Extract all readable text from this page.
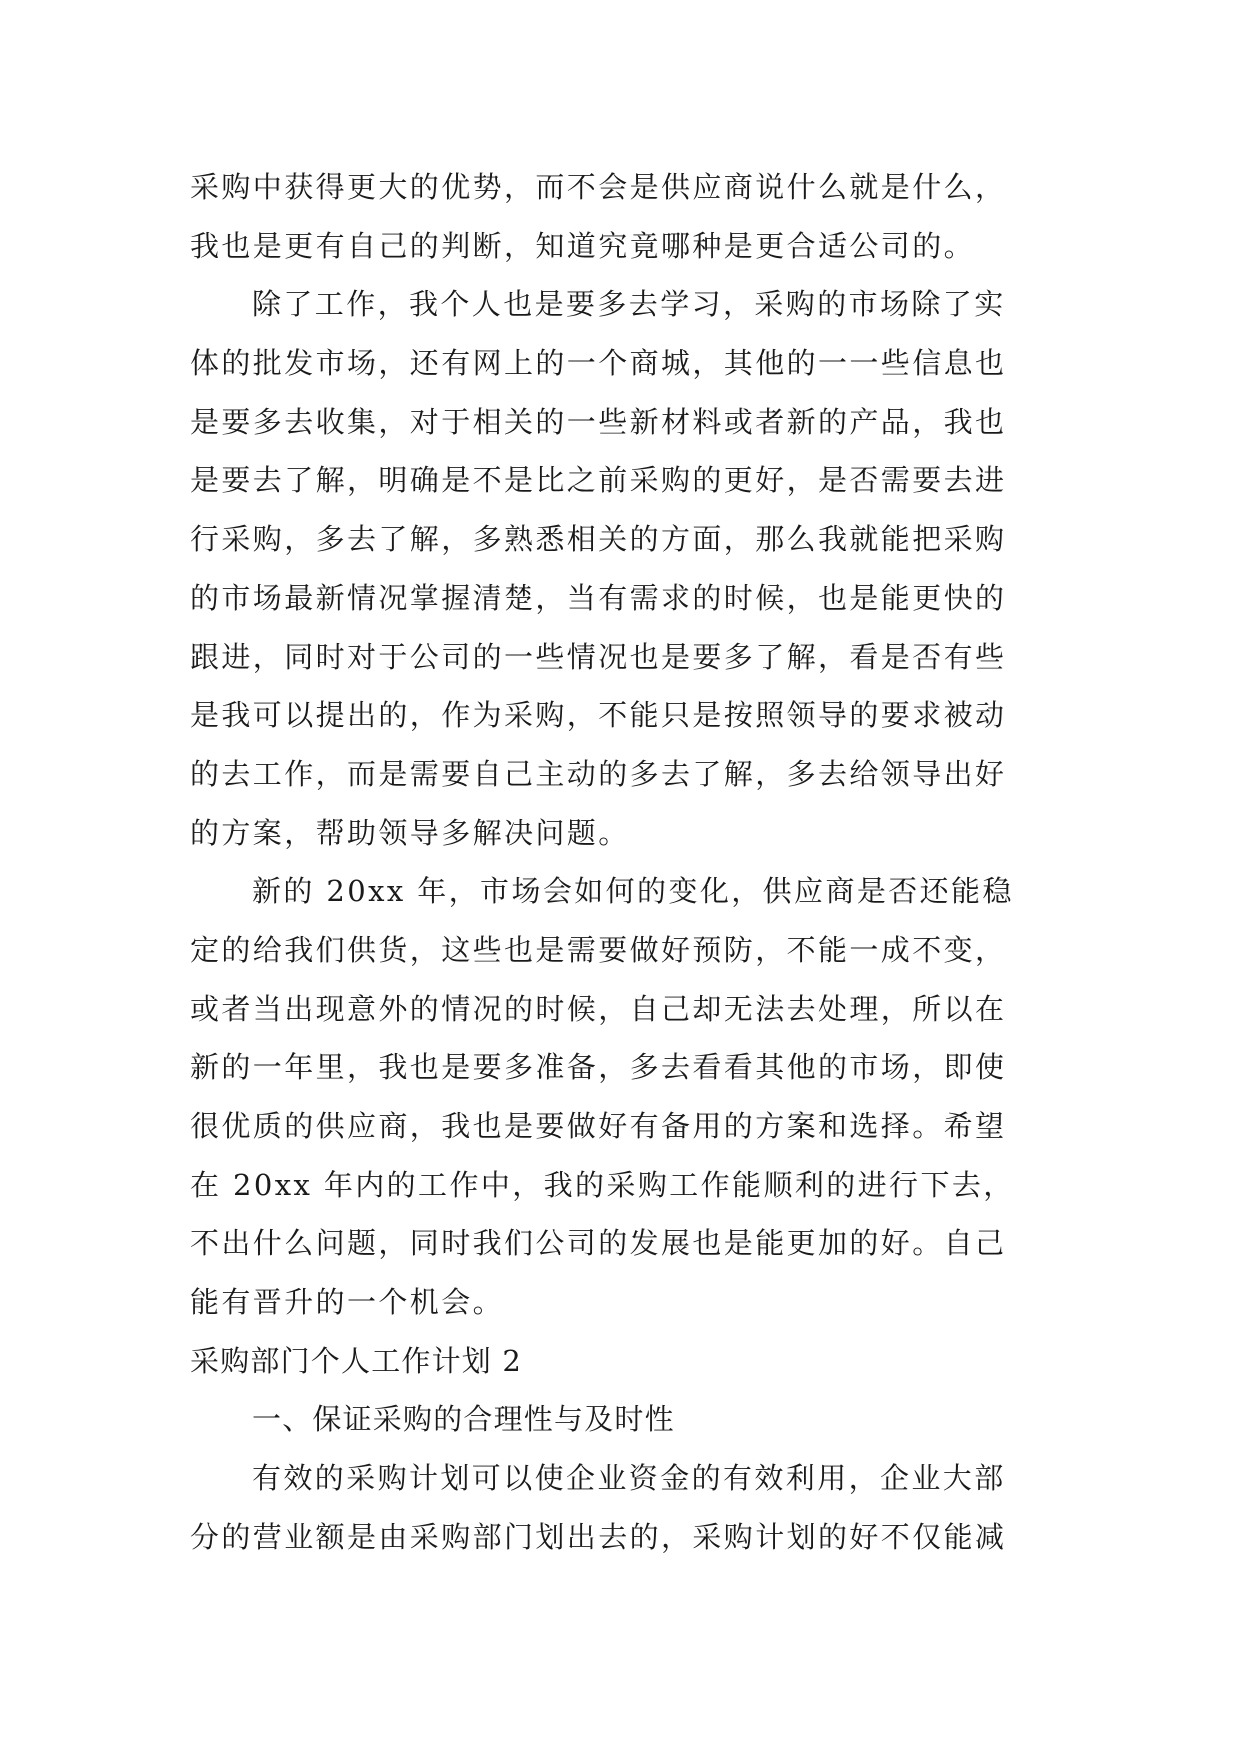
采购中获得更大的优势，而不会是供应商说什么就是什么，
我也是更有自己的判断，知道究竟哪种是更合适公司的。
除了工作，我个人也是要多去学习，采购的市场除了实
体的批发市场，还有网上的一个商城，其他的一一些信息也
是要多去收集，对于相关的一些新材料或者新的产品，我也
是要去了解，明确是不是比之前采购的更好，是否需要去进
行采购，多去了解，多熟悉相关的方面，那么我就能把采购
的市场最新情况掌握清楚，当有需求的时候，也是能更快的
跟进，同时对于公司的一些情况也是要多了解，看是否有些
是我可以提出的，作为采购，不能只是按照领导的要求被动
的去工作，而是需要自己主动的多去了解，多去给领导出好
的方案，帮助领导多解决问题。
新的 20xx 年，市场会如何的变化，供应商是否还能稳
定的给我们供货，这些也是需要做好预防，不能一成不变，
或者当出现意外的情况的时候，自己却无法去处理，所以在
新的一年里，我也是要多准备，多去看看其他的市场，即使
很优质的供应商，我也是要做好有备用的方案和选择。希望
在 20xx 年内的工作中，我的采购工作能顺利的进行下去，
不出什么问题，同时我们公司的发展也是能更加的好。自己
能有晋升的一个机会。
采购部门个人工作计划 2
一、保证采购的合理性与及时性
有效的采购计划可以使企业资金的有效利用，企业大部
分的营业额是由采购部门划出去的，采购计划的好不仅能减
